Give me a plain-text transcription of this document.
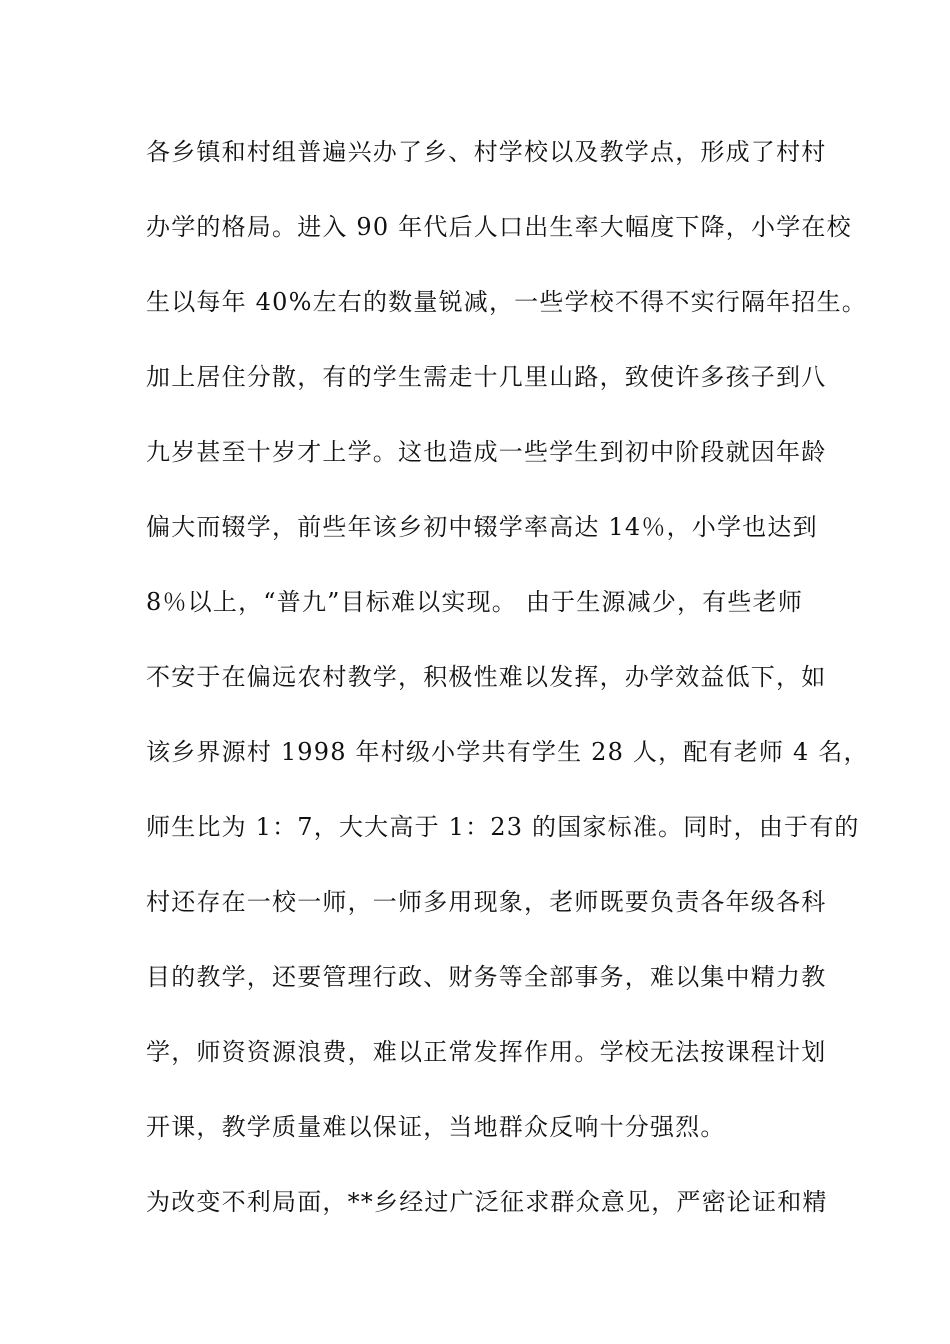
各乡镇和村组普遍兴办了乡、村学校以及教学点，形成了村村
办学的格局。进入 90 年代后人口出生率大幅度下降，小学在校
生以每年 40%左右的数量锐减，一些学校不得不实行隔年招生。
加上居住分散，有的学生需走十几里山路，致使许多孩子到八
九岁甚至十岁才上学。这也造成一些学生到初中阶段就因年龄
偏大而辍学，前些年该乡初中辍学率高达 14％，小学也达到
8％以上，“普九”目标难以实现。 由于生源减少，有些老师
不安于在偏远农村教学，积极性难以发挥，办学效益低下，如
该乡界源村 1998 年村级小学共有学生 28 人，配有老师 4 名，
师生比为 1：7，大大高于 1：23 的国家标准。同时，由于有的
村还存在一校一师，一师多用现象，老师既要负责各年级各科
目的教学，还要管理行政、财务等全部事务，难以集中精力教
学，师资资源浪费，难以正常发挥作用。学校无法按课程计划
开课，教学质量难以保证，当地群众反响十分强烈。
为改变不利局面，**乡经过广泛征求群众意见，严密论证和精
